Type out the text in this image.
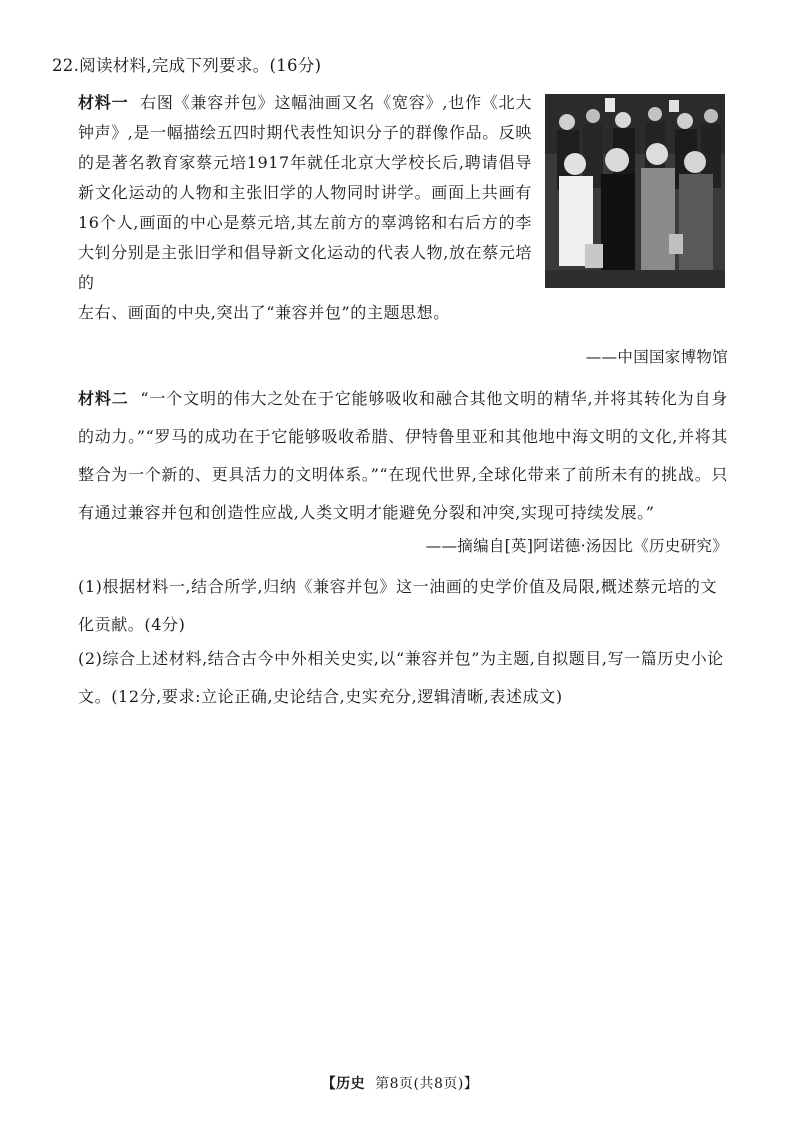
22.阅读材料,完成下列要求。(16分)
材料一 右图《兼容并包》这幅油画又名《宽容》,也作《北大钟声》,是一幅描绘五四时期代表性知识分子的群像作品。反映的是著名教育家蔡元培1917年就任北京大学校长后,聘请倡导新文化运动的人物和主张旧学的人物同时讲学。画面上共画有16个人,画面的中心是蔡元培,其左前方的辜鸿铭和右后方的李大钊分别是主张旧学和倡导新文化运动的代表人物,放在蔡元培的
左右、画面的中央,突出了“兼容并包”的主题思想。
——中国国家博物馆
材料二 “一个文明的伟大之处在于它能够吸收和融合其他文明的精华,并将其转化为自身的动力。”“罗马的成功在于它能够吸收希腊、伊特鲁里亚和其他地中海文明的文化,并将其整合为一个新的、更具活力的文明体系。”“在现代世界,全球化带来了前所未有的挑战。只有通过兼容并包和创造性应战,人类文明才能避免分裂和冲突,实现可持续发展。”
——摘编自[英]阿诺德·汤因比《历史研究》
(1)根据材料一,结合所学,归纳《兼容并包》这一油画的史学价值及局限,概述蔡元培的文化贡献。(4分)
(2)综合上述材料,结合古今中外相关史实,以“兼容并包”为主题,自拟题目,写一篇历史小论文。(12分,要求:立论正确,史论结合,史实充分,逻辑清晰,表述成文)
【历史 第8页(共8页)】
